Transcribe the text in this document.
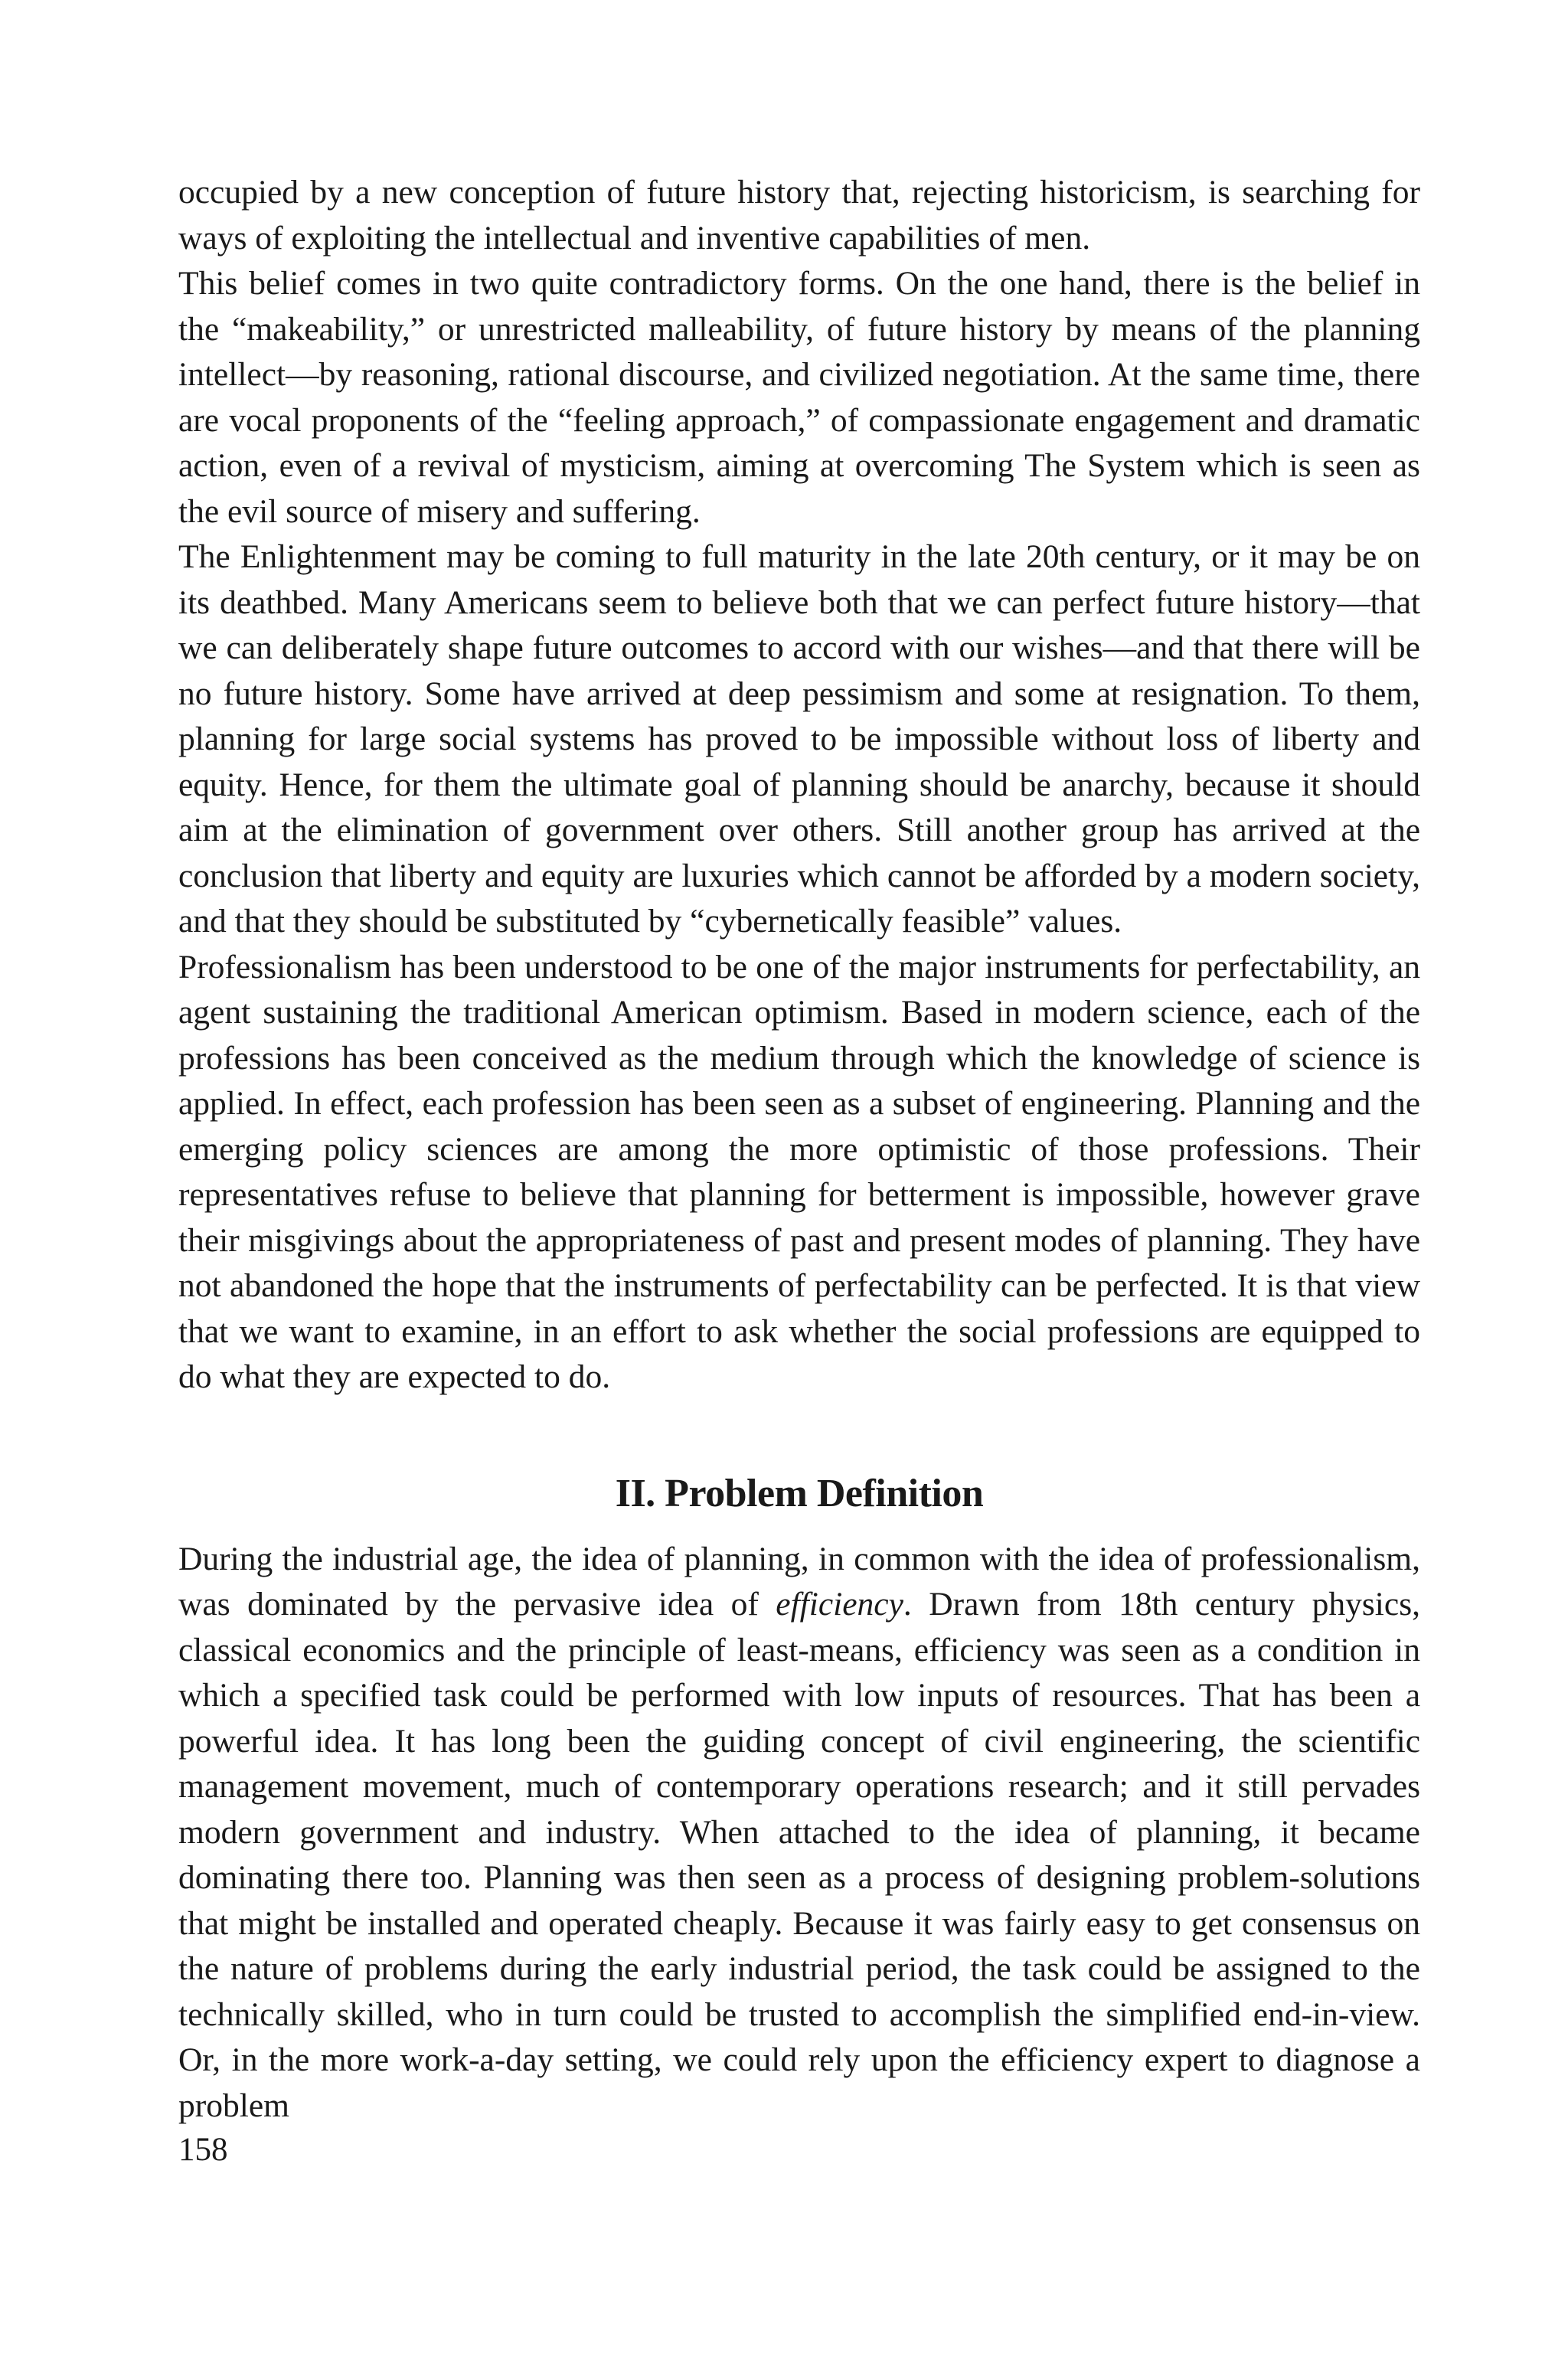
occupied by a new conception of future history that, rejecting historicism, is searching for ways of exploiting the intellectual and inventive capabilities of men.

This belief comes in two quite contradictory forms. On the one hand, there is the belief in the “makeability,” or unrestricted malleability, of future history by means of the planning intellect—by reasoning, rational discourse, and civilized negotiation. At the same time, there are vocal proponents of the “feeling approach,” of compassionate engagement and dramatic action, even of a revival of mysticism, aiming at overcoming The System which is seen as the evil source of misery and suffering.

The Enlightenment may be coming to full maturity in the late 20th century, or it may be on its deathbed. Many Americans seem to believe both that we can perfect future history—that we can deliberately shape future outcomes to accord with our wishes—and that there will be no future history. Some have arrived at deep pessimism and some at resignation. To them, planning for large social systems has proved to be impossible without loss of liberty and equity. Hence, for them the ultimate goal of planning should be anarchy, because it should aim at the elimination of government over others. Still another group has arrived at the conclusion that liberty and equity are luxuries which cannot be afforded by a modern society, and that they should be substituted by “cybernetically feasible” values.

Professionalism has been understood to be one of the major instruments for perfectability, an agent sustaining the traditional American optimism. Based in modern science, each of the professions has been conceived as the medium through which the knowledge of science is applied. In effect, each profession has been seen as a subset of engineering. Planning and the emerging policy sciences are among the more optimistic of those professions. Their representatives refuse to believe that planning for betterment is impossible, however grave their misgivings about the appropriateness of past and present modes of planning. They have not abandoned the hope that the instruments of perfectability can be perfected. It is that view that we want to examine, in an effort to ask whether the social professions are equipped to do what they are expected to do.

II. Problem Definition

During the industrial age, the idea of planning, in common with the idea of professionalism, was dominated by the pervasive idea of efficiency. Drawn from 18th century physics, classical economics and the principle of least-means, efficiency was seen as a condition in which a specified task could be performed with low inputs of resources. That has been a powerful idea. It has long been the guiding concept of civil engineering, the scientific management movement, much of contemporary operations research; and it still pervades modern government and industry. When attached to the idea of planning, it became dominating there too. Planning was then seen as a process of designing problem-solutions that might be installed and operated cheaply. Because it was fairly easy to get consensus on the nature of problems during the early industrial period, the task could be assigned to the technically skilled, who in turn could be trusted to accomplish the simplified end-in-view. Or, in the more work-a-day setting, we could rely upon the efficiency expert to diagnose a problem

158
